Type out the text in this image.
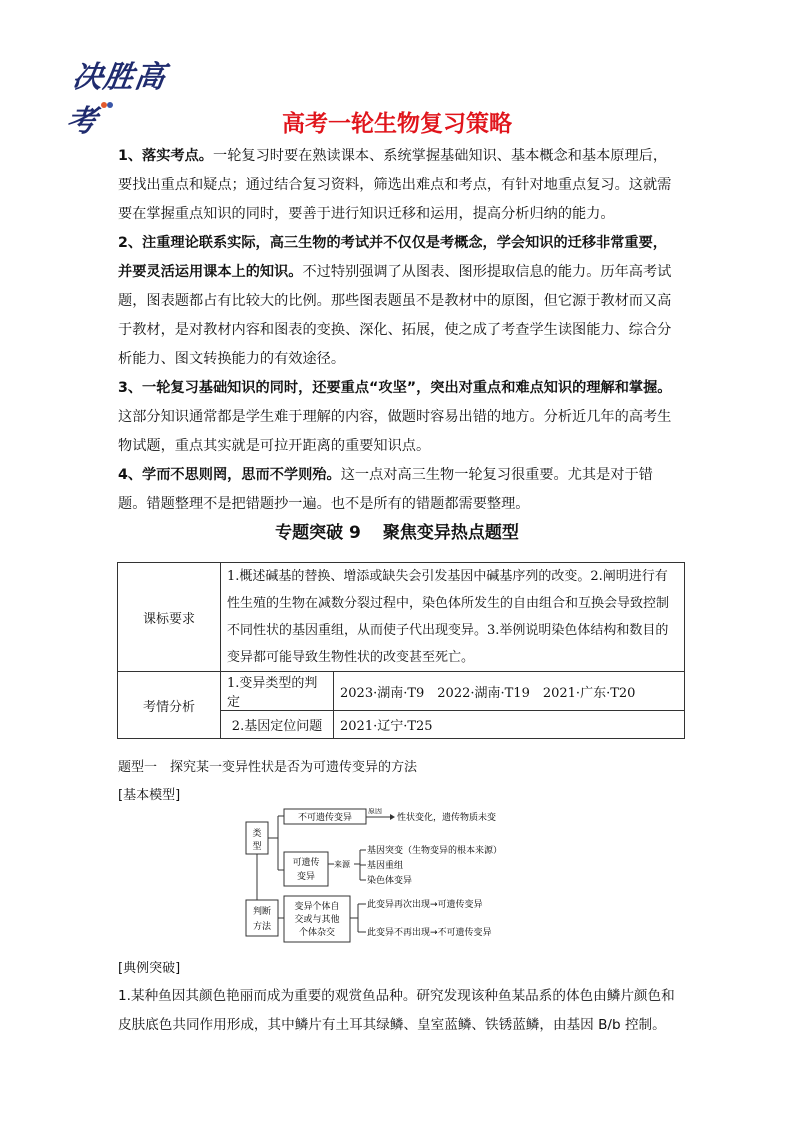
决胜高考	高考一轮生物复习策略

1、落实考点。一轮复习时要在熟读课本、系统掌握基础知识、基本概念和基本原理后，要找出重点和疑点；通过结合复习资料，筛选出难点和考点，有针对地重点复习。这就需要在掌握重点知识的同时，要善于进行知识迁移和运用，提高分析归纳的能力。

2、注重理论联系实际，高三生物的考试并不仅仅是考概念，学会知识的迁移非常重要，并要灵活运用课本上的知识。不过特别强调了从图表、图形提取信息的能力。历年高考试题，图表题都占有比较大的比例。那些图表题虽不是教材中的原图，但它源于教材而又高于教材，是对教材内容和图表的变换、深化、拓展，使之成了考查学生读图能力、综合分析能力、图文转换能力的有效途径。

3、一轮复习基础知识的同时，还要重点“攻坚”，突出对重点和难点知识的理解和掌握。这部分知识通常都是学生难于理解的内容，做题时容易出错的地方。分析近几年的高考生物试题，重点其实就是可拉开距离的重要知识点。

4、学而不思则罔，思而不学则殆。这一点对高三生物一轮复习很重要。尤其是对于错题。错题整理不是把错题抄一遍。也不是所有的错题都需要整理。

专题突破 9 聚焦变异热点题型
课标要求	1.概述碱基的替换、增添或缺失会引发基因中碱基序列的改变。2.阐明进行有性生殖的生物在减数分裂过程中，染色体所发生的自由组合和互换会导致控制不同性状的基因重组，从而使子代出现变异。3.举例说明染色体结构和数目的变异都可能导致生物性状的改变甚至死亡。	
考情分析	1.变异类型的判定	2023·湖南·T9　2022·湖南·T19　2021·广东·T20
	2.基因定位问题	2021·辽宁·T25
题型一　探究某一变异性状是否为可遗传变异的方法
[基本模型]
类
型
判断
方法
不可遗传变异
原因
性状变化，遗传物质未变
可遗传
变异
来源
基因突变（生物变异的根本来源）
基因重组
染色体变异
变异个体自
交或与其他
个体杂交
此变异再次出现→可遗传变异
此变异不再出现→不可遗传变异
[典例突破]
1.某种鱼因其颜色艳丽而成为重要的观赏鱼品种。研究发现该种鱼某品系的体色由鳞片颜色和皮肤底色共同作用形成，其中鳞片有土耳其绿鳞、皇室蓝鳞、铁锈蓝鳞，由基因 B/b 控制。
